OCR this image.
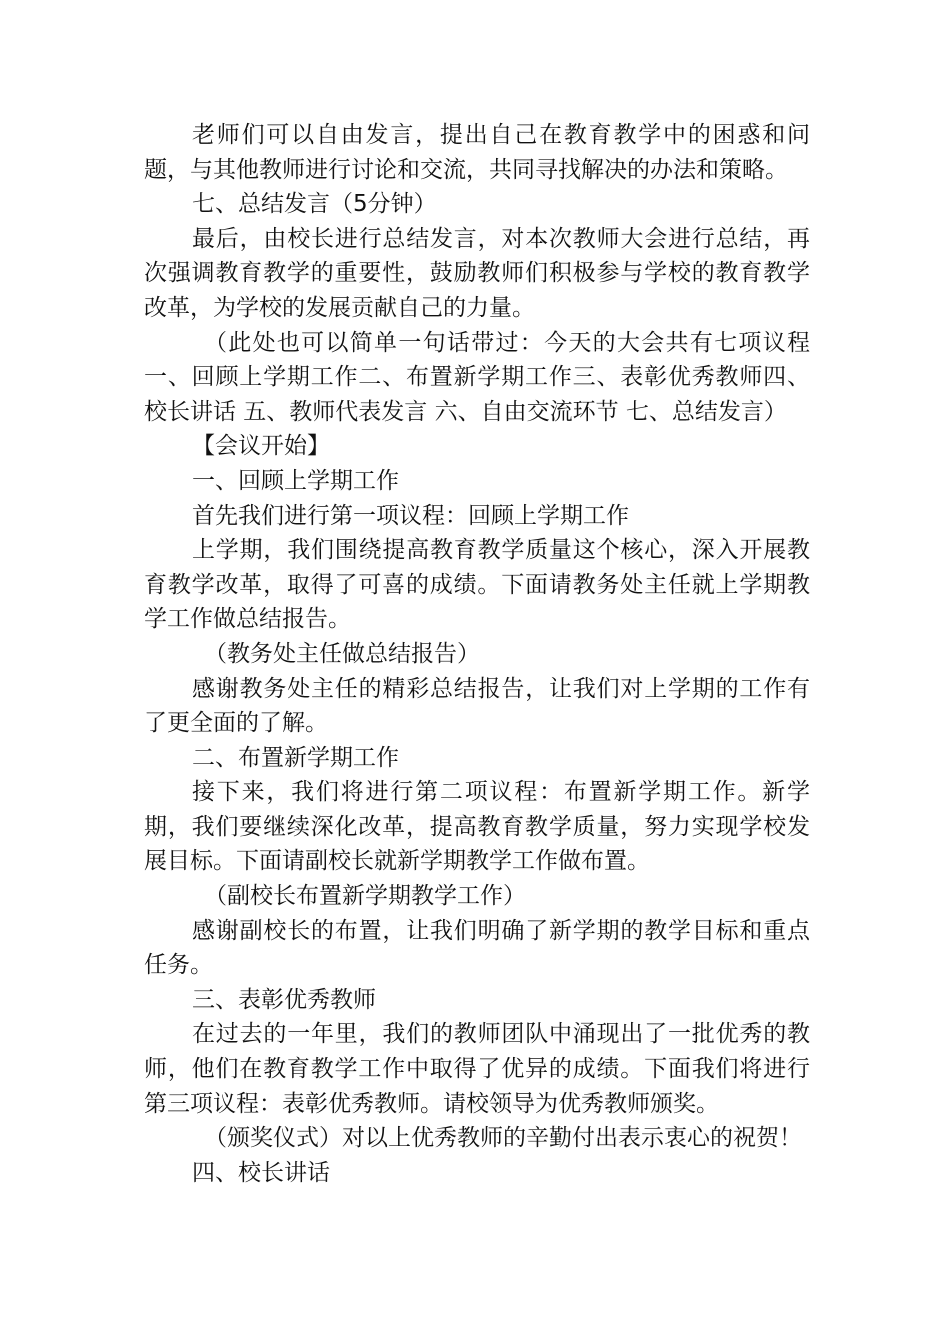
老师们可以自由发言，提出自己在教育教学中的困惑和问题，与其他教师进行讨论和交流，共同寻找解决的办法和策略。

七、总结发言（5分钟）

最后，由校长进行总结发言，对本次教师大会进行总结，再次强调教育教学的重要性，鼓励教师们积极参与学校的教育教学改革，为学校的发展贡献自己的力量。

（此处也可以简单一句话带过：今天的大会共有七项议程一、回顾上学期工作二、布置新学期工作三、表彰优秀教师四、校长讲话 五、教师代表发言 六、自由交流环节 七、总结发言）

【会议开始】

一、回顾上学期工作

首先我们进行第一项议程：回顾上学期工作

上学期，我们围绕提高教育教学质量这个核心，深入开展教育教学改革，取得了可喜的成绩。下面请教务处主任就上学期教学工作做总结报告。

（教务处主任做总结报告）

感谢教务处主任的精彩总结报告，让我们对上学期的工作有了更全面的了解。

二、布置新学期工作

接下来，我们将进行第二项议程：布置新学期工作。新学期，我们要继续深化改革，提高教育教学质量，努力实现学校发展目标。下面请副校长就新学期教学工作做布置。

（副校长布置新学期教学工作）

感谢副校长的布置，让我们明确了新学期的教学目标和重点任务。

三、表彰优秀教师

在过去的一年里，我们的教师团队中涌现出了一批优秀的教师，他们在教育教学工作中取得了优异的成绩。下面我们将进行第三项议程：表彰优秀教师。请校领导为优秀教师颁奖。

（颁奖仪式）对以上优秀教师的辛勤付出表示衷心的祝贺！

四、校长讲话
